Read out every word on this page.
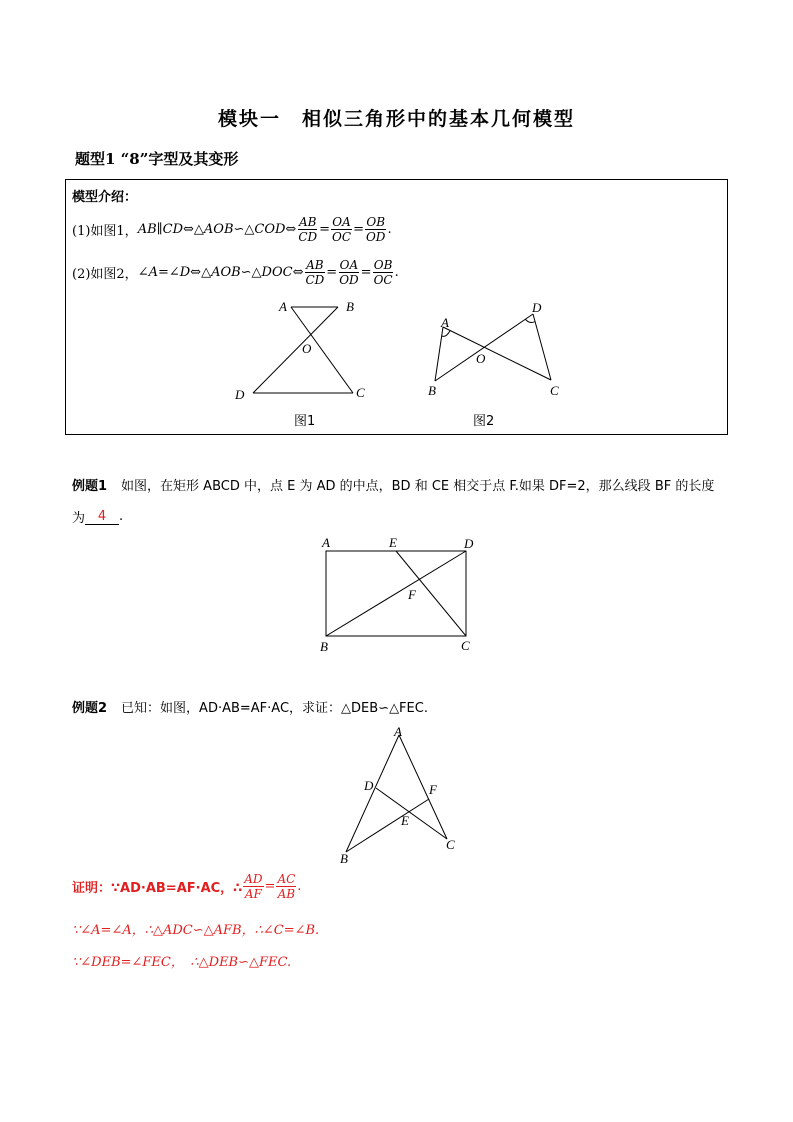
模块一　相似三角形中的基本几何模型
题型1 “8”字型及其变形
模型介绍：
(1)如图1， AB∥CD⇔△AOB∽△COD⇔ $\frac{AB}{CD} = \frac{OA}{OC} = \frac{OB}{OD}$ .
(2)如图2， ∠A=∠D⇔△AOB∽△DOC⇔ $\frac{AB}{CD} = \frac{OA}{OD} = \frac{OB}{OC}$ .
A	B
O
D	C
图1
A
D
O
B	C
图2
例题1 如图，在矩形 ABCD 中，点 E 为 AD 的中点，BD 和 CE 相交于点 F.如果 DF=2，那么线段 BF 的长度
为 4 .
A	E	D
F
B	C
例题2 已知：如图，AD·AB=AF·AC，求证：△DEB∽△FEC.
A
D	F
E
B
C
证明：∵AD·AB=AF·AC，∴ $\frac{AD}{AF} = \frac{AC}{AB}$ .
∵∠A=∠A，∴△ADC∽△AFB，∴∠C=∠B.
∵∠DEB=∠FEC，　∴△DEB∽△FEC.
